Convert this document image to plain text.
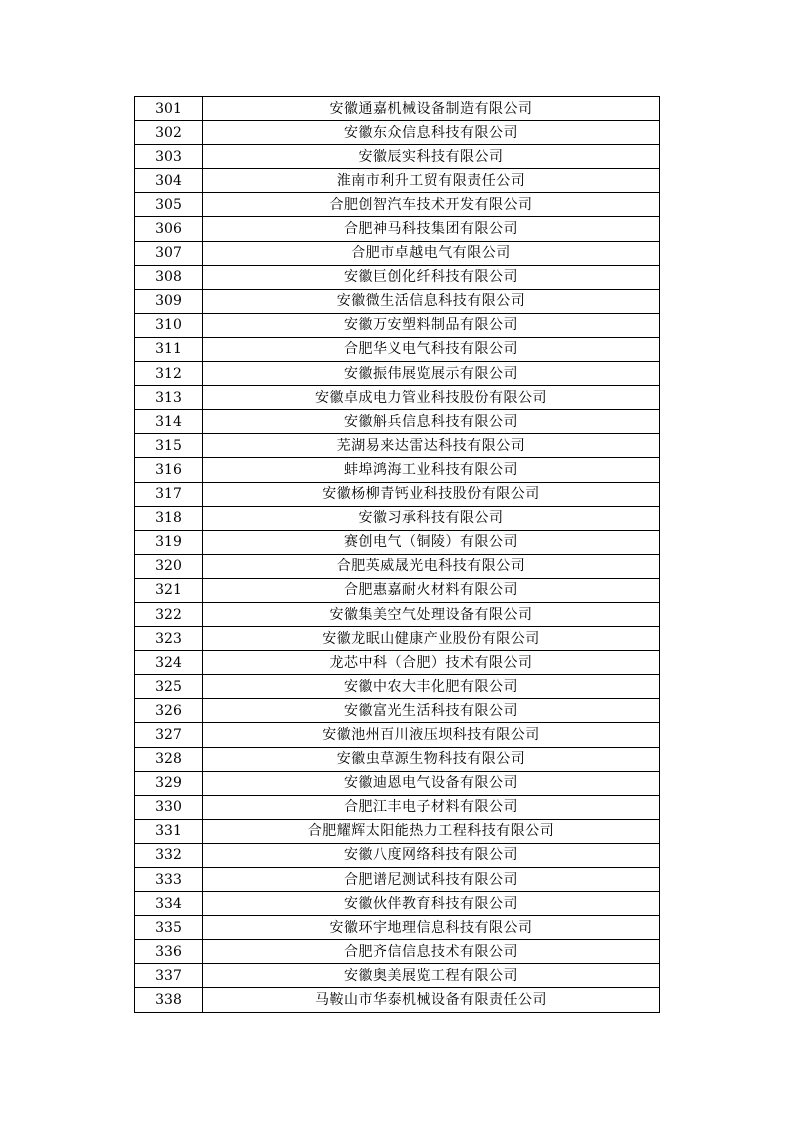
301	安徽通嘉机械设备制造有限公司
302	安徽东众信息科技有限公司
303	安徽辰实科技有限公司
304	淮南市利升工贸有限责任公司
305	合肥创智汽车技术开发有限公司
306	合肥神马科技集团有限公司
307	合肥市卓越电气有限公司
308	安徽巨创化纤科技有限公司
309	安徽微生活信息科技有限公司
310	安徽万安塑料制品有限公司
311	合肥华义电气科技有限公司
312	安徽振伟展览展示有限公司
313	安徽卓成电力管业科技股份有限公司
314	安徽斛兵信息科技有限公司
315	芜湖易来达雷达科技有限公司
316	蚌埠鸿海工业科技有限公司
317	安徽杨柳青钙业科技股份有限公司
318	安徽习承科技有限公司
319	赛创电气（铜陵）有限公司
320	合肥英威晟光电科技有限公司
321	合肥惠嘉耐火材料有限公司
322	安徽集美空气处理设备有限公司
323	安徽龙眠山健康产业股份有限公司
324	龙芯中科（合肥）技术有限公司
325	安徽中农大丰化肥有限公司
326	安徽富光生活科技有限公司
327	安徽池州百川液压坝科技有限公司
328	安徽虫草源生物科技有限公司
329	安徽迪恩电气设备有限公司
330	合肥江丰电子材料有限公司
331	合肥耀辉太阳能热力工程科技有限公司
332	安徽八度网络科技有限公司
333	合肥谱尼测试科技有限公司
334	安徽伙伴教育科技有限公司
335	安徽环宇地理信息科技有限公司
336	合肥齐信信息技术有限公司
337	安徽奥美展览工程有限公司
338	马鞍山市华泰机械设备有限责任公司
